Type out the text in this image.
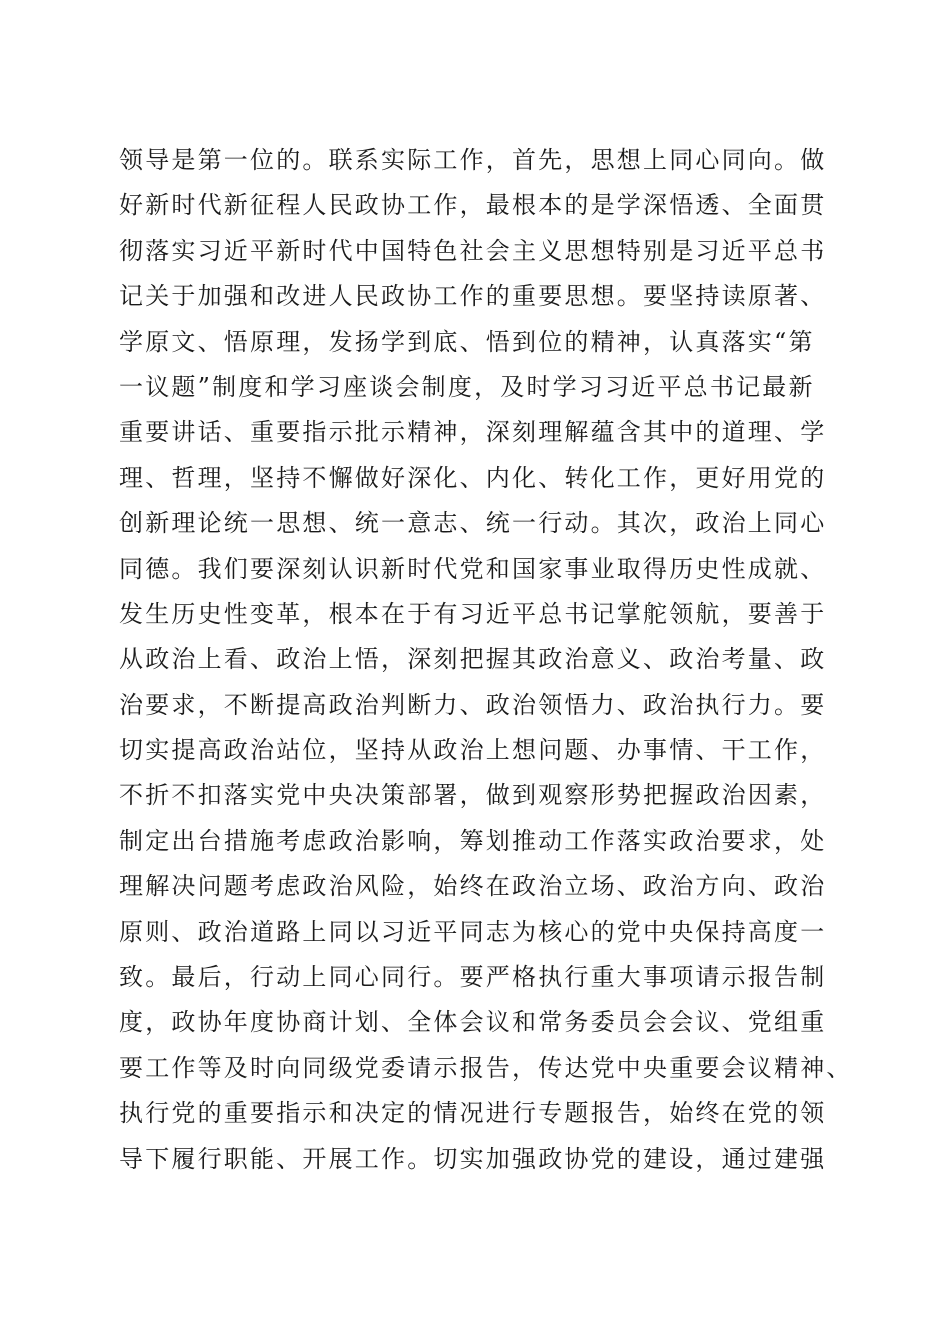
领导是第一位的。联系实际工作，首先，思想上同心同向。做
好新时代新征程人民政协工作，最根本的是学深悟透、全面贯
彻落实习近平新时代中国特色社会主义思想特别是习近平总书
记关于加强和改进人民政协工作的重要思想。要坚持读原著、
学原文、悟原理，发扬学到底、悟到位的精神，认真落实“第
一议题”制度和学习座谈会制度，及时学习习近平总书记最新
重要讲话、重要指示批示精神，深刻理解蕴含其中的道理、学
理、哲理，坚持不懈做好深化、内化、转化工作，更好用党的
创新理论统一思想、统一意志、统一行动。其次，政治上同心
同德。我们要深刻认识新时代党和国家事业取得历史性成就、
发生历史性变革，根本在于有习近平总书记掌舵领航，要善于
从政治上看、政治上悟，深刻把握其政治意义、政治考量、政
治要求，不断提高政治判断力、政治领悟力、政治执行力。要
切实提高政治站位，坚持从政治上想问题、办事情、干工作，
不折不扣落实党中央决策部署，做到观察形势把握政治因素，
制定出台措施考虑政治影响，筹划推动工作落实政治要求，处
理解决问题考虑政治风险，始终在政治立场、政治方向、政治
原则、政治道路上同以习近平同志为核心的党中央保持高度一
致。最后，行动上同心同行。要严格执行重大事项请示报告制
度，政协年度协商计划、全体会议和常务委员会会议、党组重
要工作等及时向同级党委请示报告，传达党中央重要会议精神、
执行党的重要指示和决定的情况进行专题报告，始终在党的领
导下履行职能、开展工作。切实加强政协党的建设，通过建强
